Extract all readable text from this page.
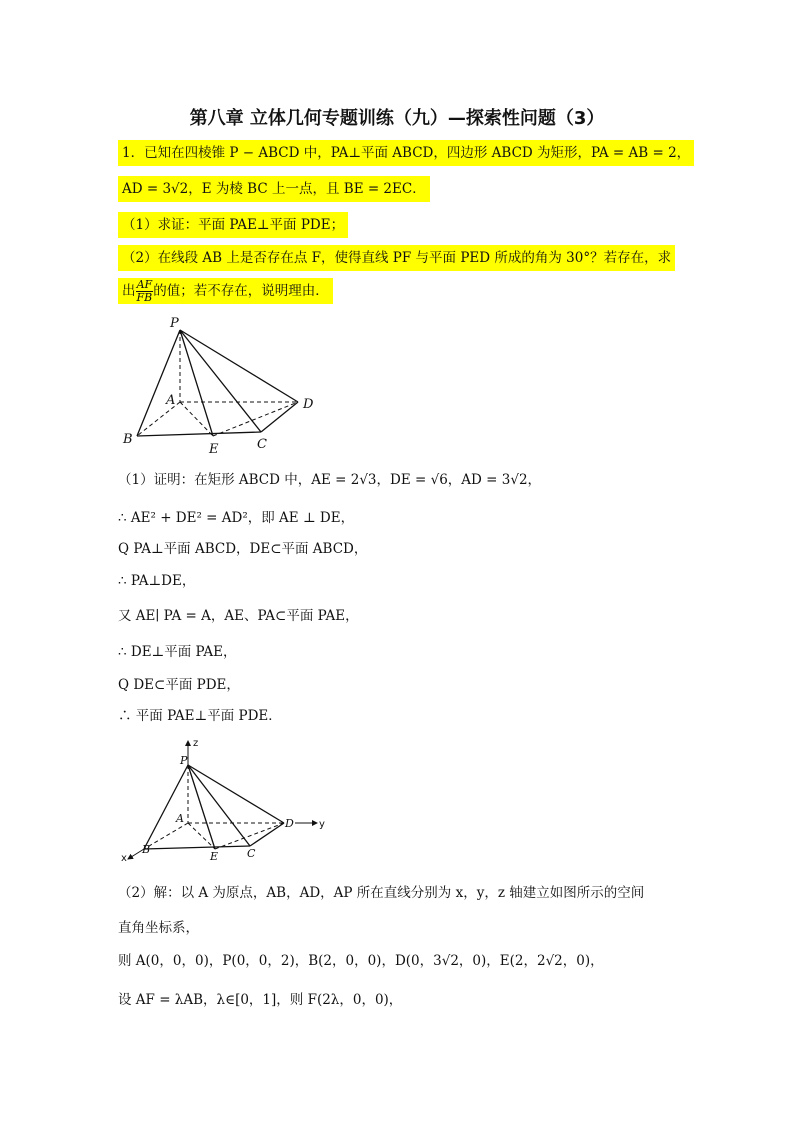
第八章 立体几何专题训练（九）—探索性问题（3）
1．已知在四棱锥 P − ABCD 中，PA⊥平面 ABCD，四边形 ABCD 为矩形，PA = AB = 2，
AD = 3√2，E 为棱 BC 上一点，且 BE = 2EC．
（1）求证：平面 PAE⊥平面 PDE；
（2）在线段 AB 上是否存在点 F，使得直线 PF 与平面 PED 所成的角为 30°？若存在，求
出 $\frac{AF}{FB}$ 的值；若不存在，说明理由．
P
A
B	C
D
E
（1）证明：在矩形 ABCD 中，AE = 2√3，DE = √6，AD = 3√2，
∴ AE² + DE² = AD²，即 AE ⊥ DE，
Q PA⊥平面 ABCD，DE⊂平面 ABCD，
∴ PA⊥DE，
又 AE∣ PA = A，AE、PA⊂平面 PAE，
∴ DE⊥平面 PAE，
Q DE⊂平面 PDE，
∴ 平面 PAE⊥平面 PDE．
P
A
B	C
D
E
z
y
x
（2）解：以 A 为原点，AB，AD，AP 所在直线分别为 x，y，z 轴建立如图所示的空间
直角坐标系，
则 A(0，0，0)，P(0，0，2)，B(2，0，0)，D(0，3√2，0)，E(2，2√2，0)，
设 AF = λAB，λ∈[0，1]，则 F(2λ，0，0)，
